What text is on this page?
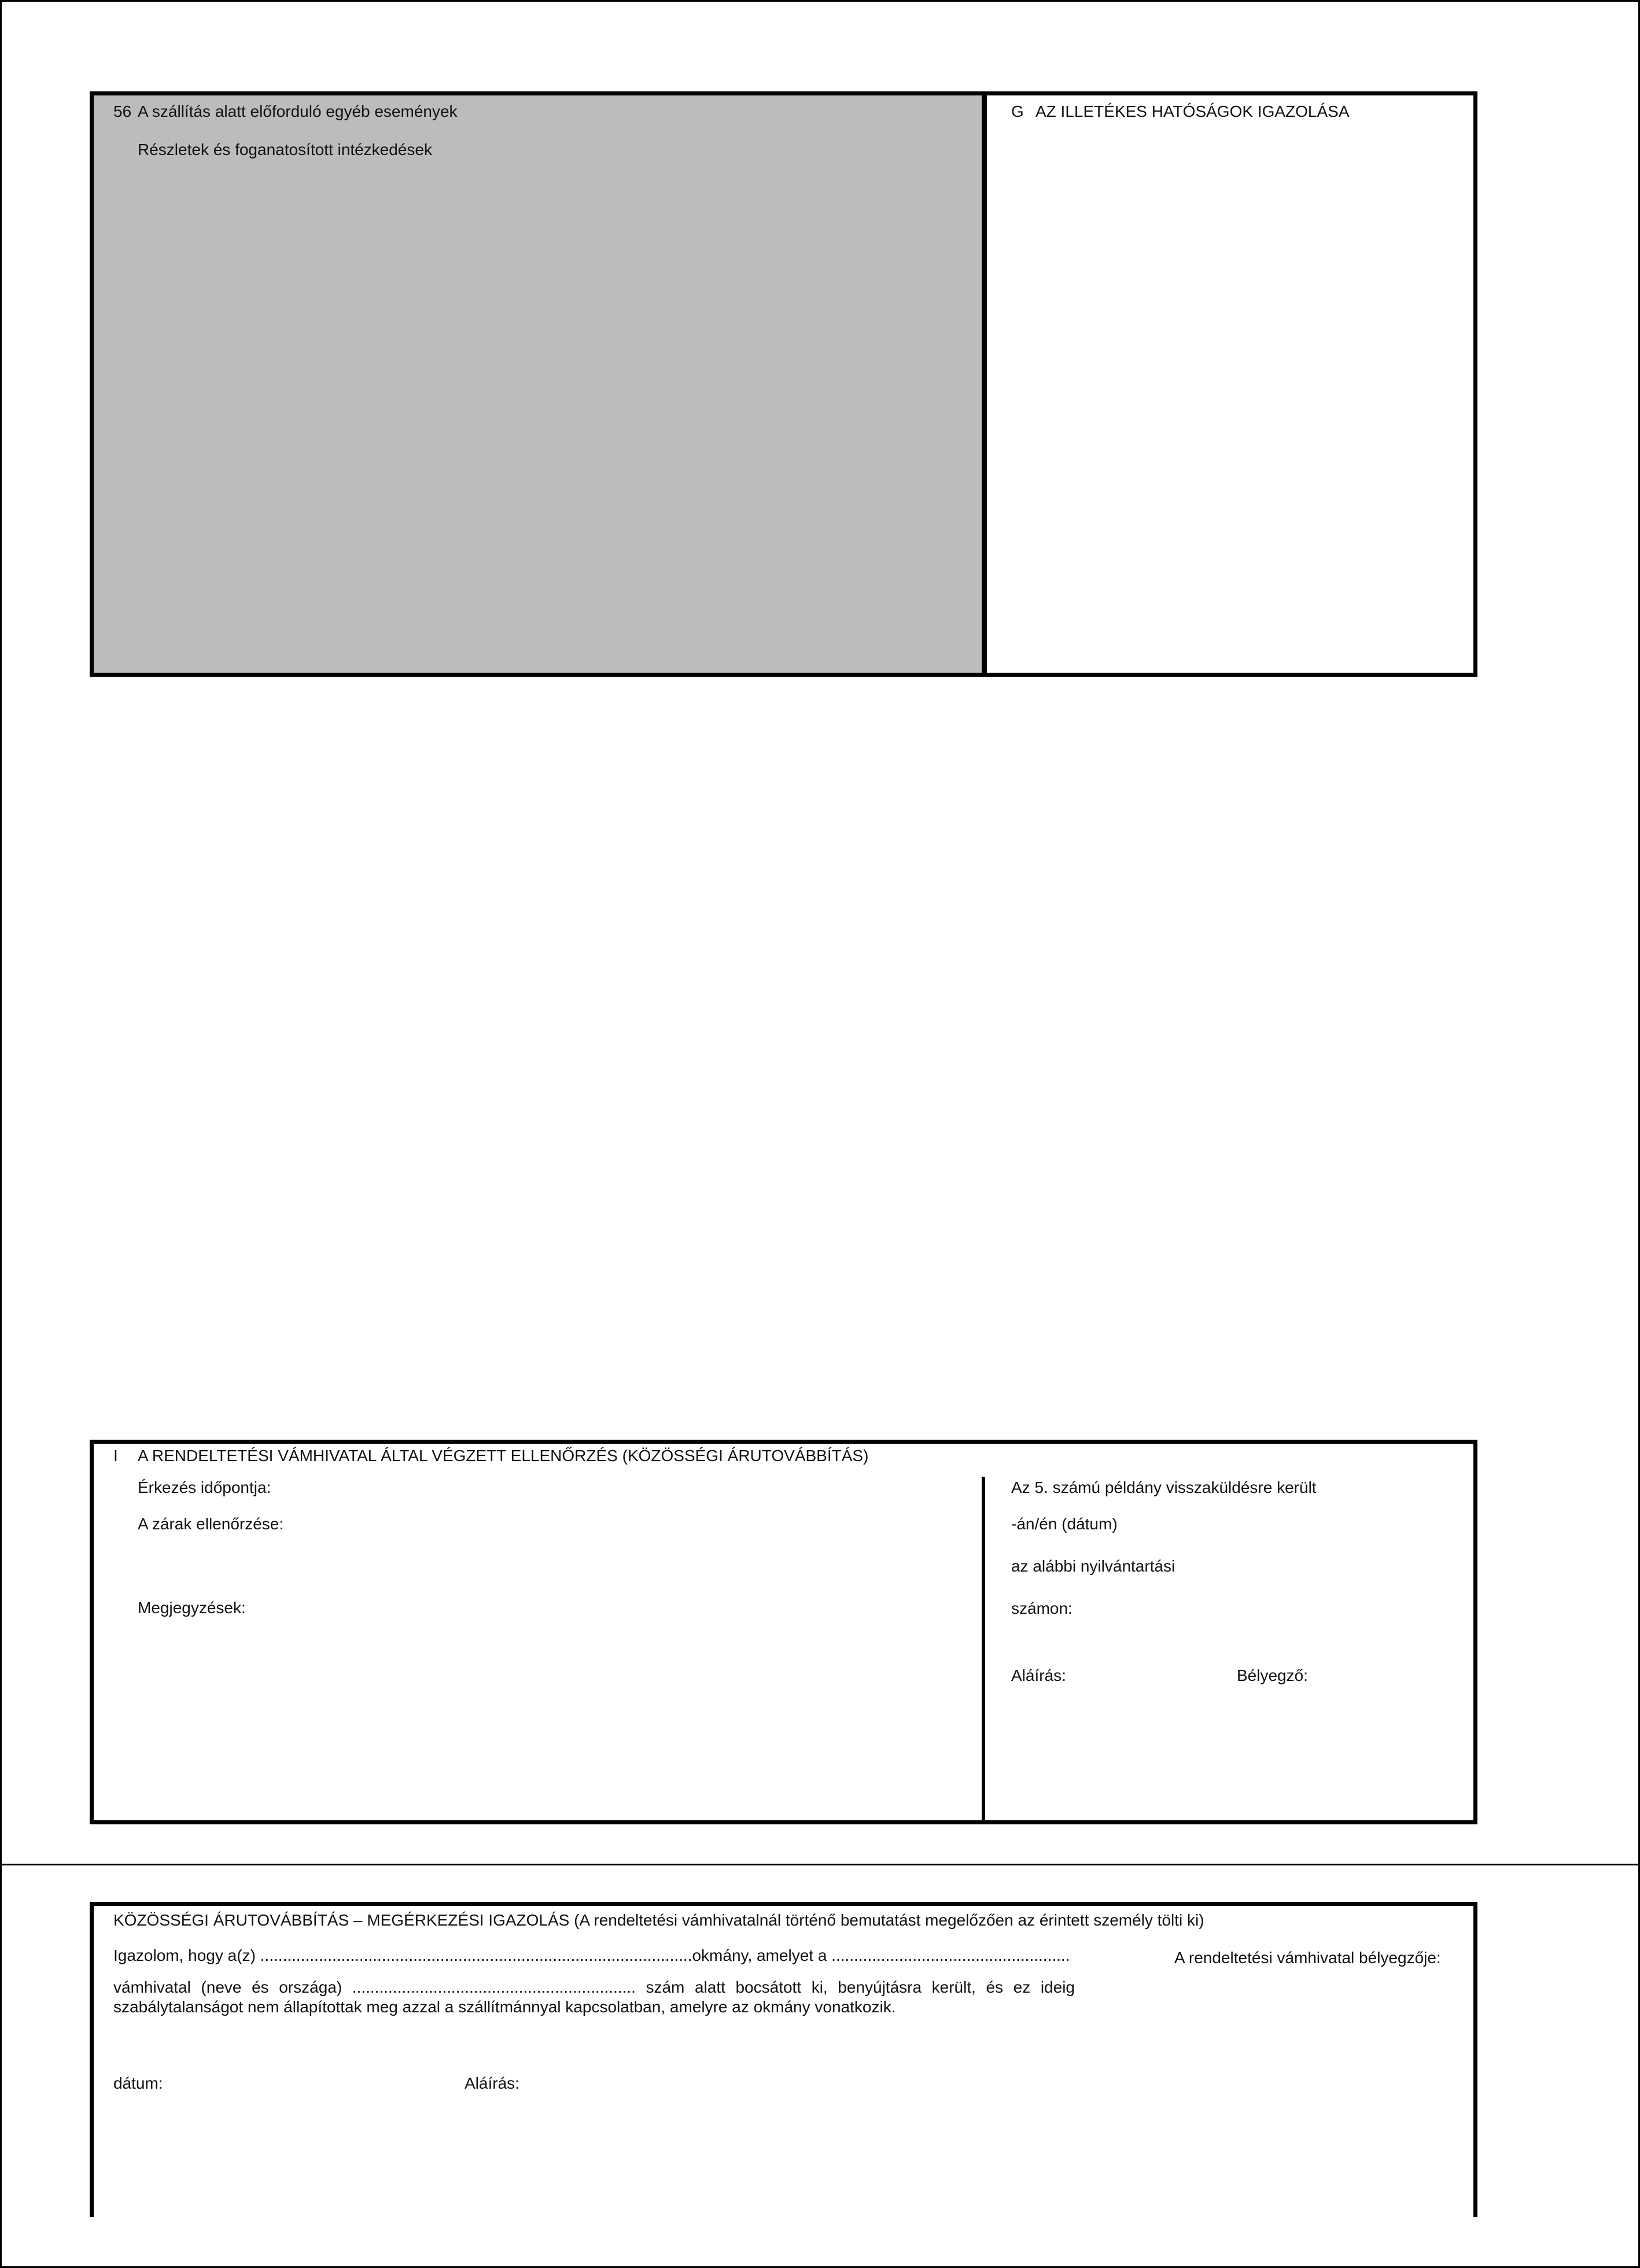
56 A szállítás alatt előforduló egyéb események
Részletek és foganatosított intézkedések
G AZ ILLETÉKES HATÓSÁGOK IGAZOLÁSA
I A RENDELTETÉSI VÁMHIVATAL ÁLTAL VÉGZETT ELLENŐRZÉS (KÖZÖSSÉGI ÁRUTOVÁBBÍTÁS)
Érkezés időpontja:
A zárak ellenőrzése:
Megjegyzések:
Az 5. számú példány visszaküldésre került
-án/én (dátum)
az alábbi nyilvántartási
számon:
Aláírás:	Bélyegző:
KÖZÖSSÉGI ÁRUTOVÁBBÍTÁS – MEGÉRKEZÉSI IGAZOLÁS (A rendeltetési vámhivatalnál történő bemutatást megelőzően az érintett személy tölti ki)
Igazolom, hogy a(z) ................................................................................................okmány, amelyet a .....................................................
vámhivatal (neve és országa) ............................................................... szám alatt bocsátott ki, benyújtásra került, és ez ideig szabálytalanságot nem állapítottak meg azzal a szállítmánnyal kapcsolatban, amelyre az okmány vonatkozik.
A rendeltetési vámhivatal bélyegzője:
dátum:	Aláírás:
